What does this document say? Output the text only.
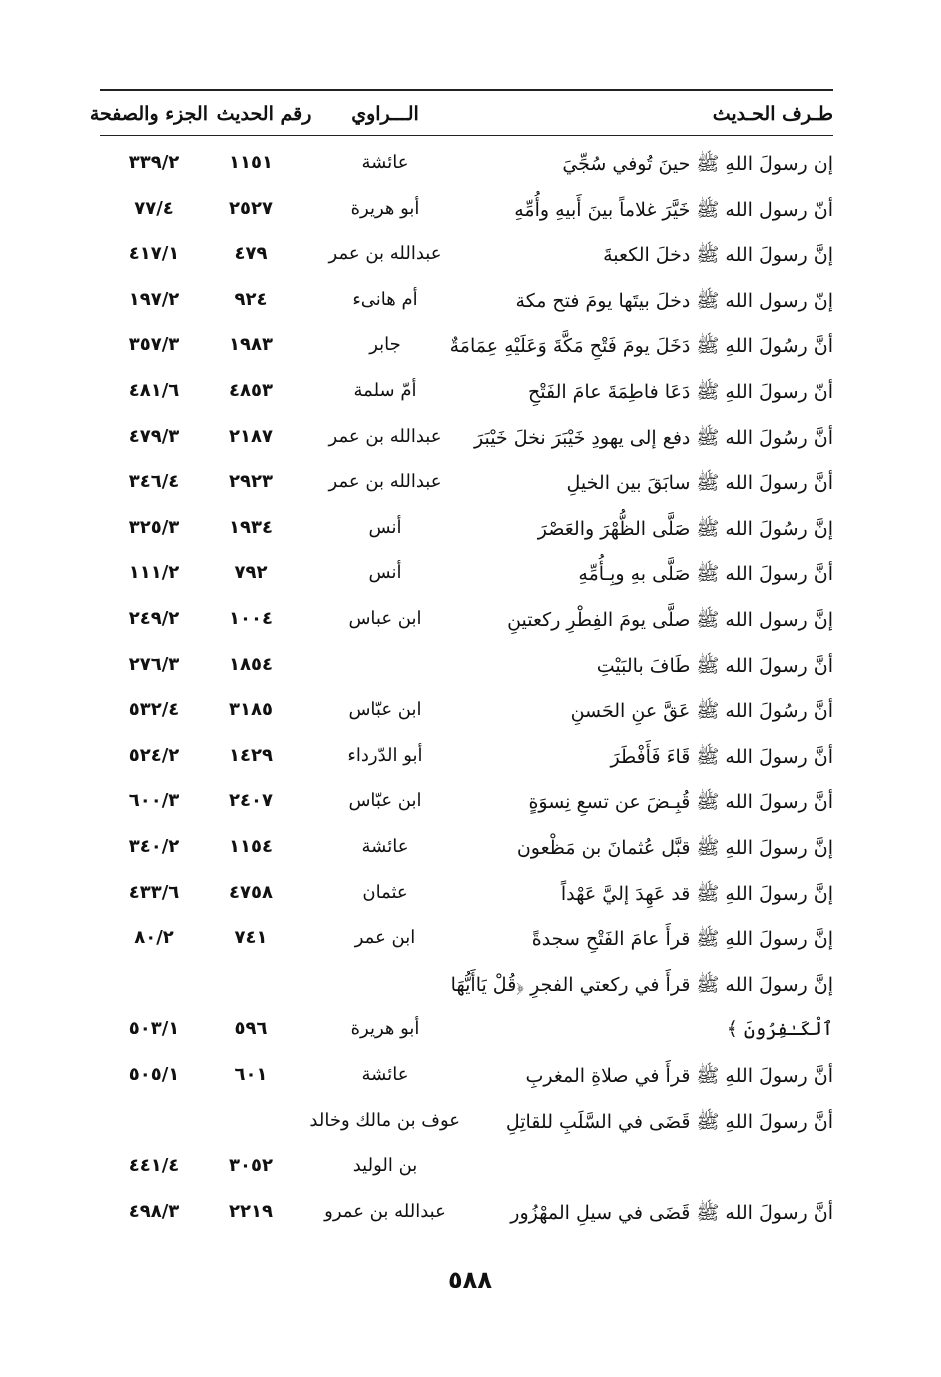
طـرف الحـديث
الـــراوي
رقم الحديث
الجزء والصفحة
إن رسولَ اللهِ ﷺ حينَ تُوفي سُجِّيَ
عائشة
١١٥١
٣٣٩/٢
أنّ رسول الله ﷺ خَيَّرَ غلاماً بينَ أَبيهِ وأُمِّهِ
أبو هريرة
٢٥٢٧
٧٧/٤
إنَّ رسولَ الله ﷺ دخلَ الكعبةَ
عبدالله بن عمر
٤٧٩
٤١٧/١
إنّ رسول الله ﷺ دخلَ بيتَها يومَ فتح مكة
أم هانىء
٩٢٤
١٩٧/٢
أنَّ رسُولَ اللهِ ﷺ دَخَلَ يومَ فَتْحِ مَكَّةَ وَعَلَيْهِ عِمَامَةٌ
جابر
١٩٨٣
٣٥٧/٣
أنّ رسولَ اللهِ ﷺ دَعَا فاطِمَةَ عامَ الفَتْحِ
أمّ سلمة
٤٨٥٣
٤٨١/٦
أنَّ رسُولَ الله ﷺ دفع إلى يهودِ خَيْبَرَ نخلَ خَيْبَرَ
عبدالله بن عمر
٢١٨٧
٤٧٩/٣
أنَّ رسولَ الله ﷺ سابَقَ بين الخيلِ
عبدالله بن عمر
٢٩٢٣
٣٤٦/٤
إنَّ رسُولَ الله ﷺ صَلَّى الظُّهْرَ والعَصْرَ
أنس
١٩٣٤
٣٢٥/٣
أنَّ رسولَ الله ﷺ صَلَّى بهِ وبِـأُمِّهِ
أنس
٧٩٢
١١١/٢
إنَّ رسول الله ﷺ صلَّى يومَ الفِطْرِ ركعتينِ
ابن عباس
١٠٠٤
٢٤٩/٢
أنَّ رسولَ الله ﷺ طَافَ بالبَيْتِ
١٨٥٤
٢٧٦/٣
أنَّ رسُولَ الله ﷺ عَقَّ عنِ الحَسنِ
ابن عبّاس
٣١٨٥
٥٣٢/٤
أنَّ رسولَ الله ﷺ قَاءَ فَأَفْطَرَ
أبو الدّرداء
١٤٢٩
٥٢٤/٢
أنَّ رسولَ الله ﷺ قُبِـضَ عن تسعِ نِسوَةٍ
ابن عبّاس
٢٤٠٧
٦٠٠/٣
إنَّ رسولَ اللهِ ﷺ قبَّل عُثمانَ بن مَظْعون
عائشة
١١٥٤
٣٤٠/٢
إنَّ رسولَ اللهِ ﷺ قد عَهِدَ إليَّ عَهْداً
عثمان
٤٧٥٨
٤٣٣/٦
إنَّ رسولَ اللهِ ﷺ قرأَ عامَ الفَتْحِ سجدةً
ابن عمر
٧٤١
٨٠/٢
إنَّ رسولَ الله ﷺ قرأَ في ركعتي الفجرِ ﴿قُلْ يَاأَيُّهَا
ٱلْكَـٰفِرُونَ ﴾
أبو هريرة
٥٩٦
٥٠٣/١
أنَّ رسولَ اللهِ ﷺ قرأَ في صلاةِ المغربِ
عائشة
٦٠١
٥٠٥/١
أنَّ رسولَ اللهِ ﷺ قَضَى في السَّلَبِ للقاتِلِ
عوف بن مالك وخالد
بن الوليد
٣٠٥٢
٤٤١/٤
أنَّ رسولَ الله ﷺ قَضَى في سيلِ المهْزُور
عبدالله بن عمرو
٢٢١٩
٤٩٨/٣
٥٨٨
